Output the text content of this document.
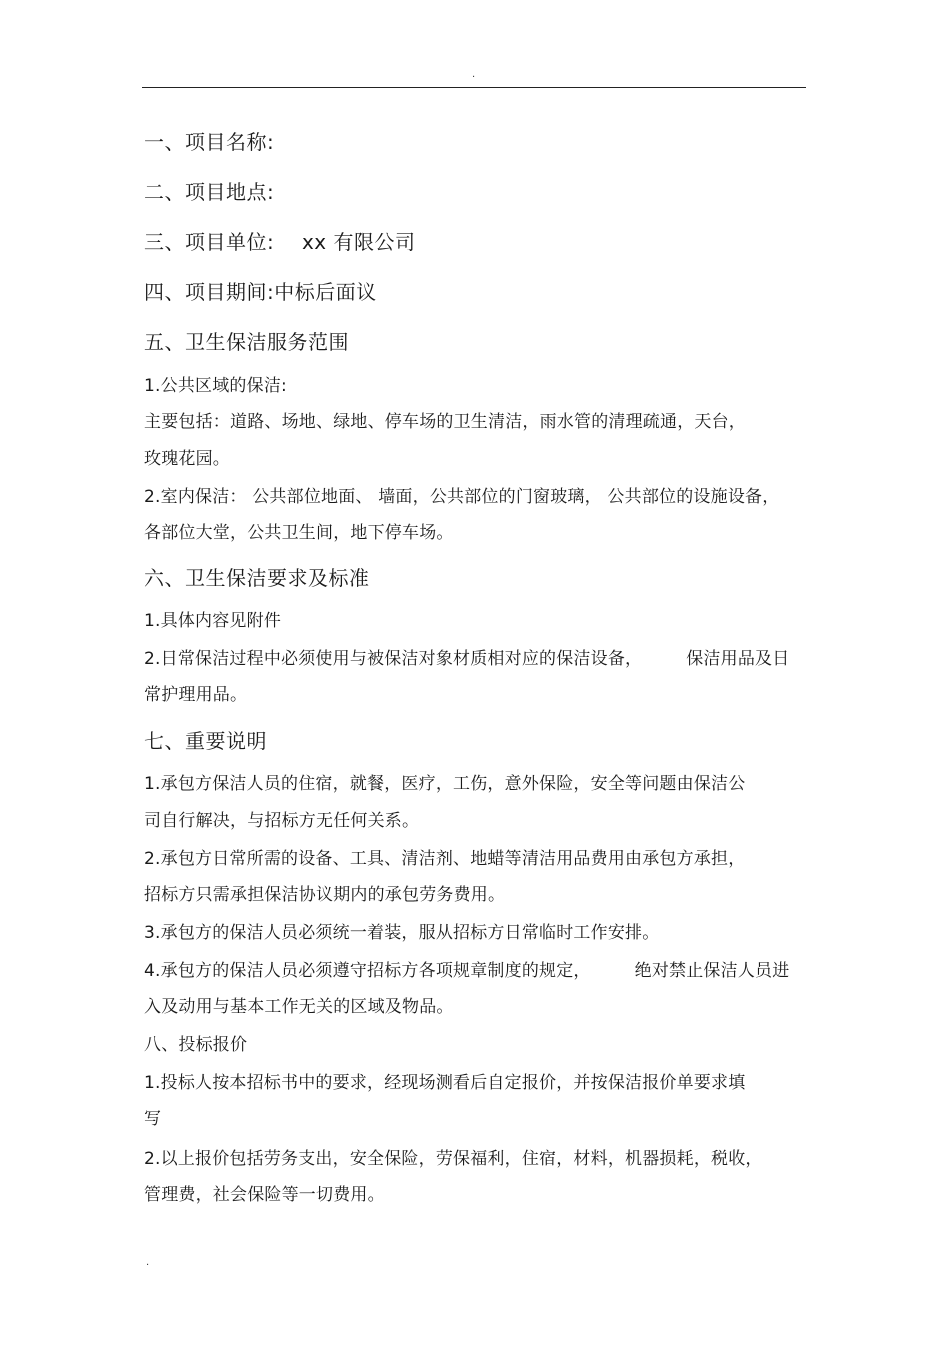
.
一、项目名称:
二、项目地点:
三、项目单位: xx 有限公司
四、项目期间:中标后面议
五、卫生保洁服务范围
1.公共区域的保洁:
主要包括：道路、场地、绿地、停车场的卫生清洁，雨水管的清理疏通，天台，
玫瑰花园。
2.室内保洁： 公共部位地面、 墙面，公共部位的门窗玻璃， 公共部位的设施设备，
各部位大堂，公共卫生间，地下停车场。
六、卫生保洁要求及标准
1.具体内容见附件
2.日常保洁过程中必须使用与被保洁对象材质相对应的保洁设备，	保洁用品及日
常护理用品。
七、重要说明
1.承包方保洁人员的住宿，就餐，医疗，工伤，意外保险，安全等问题由保洁公
司自行解决，与招标方无任何关系。
2.承包方日常所需的设备、工具、清洁剂、地蜡等清洁用品费用由承包方承担，
招标方只需承担保洁协议期内的承包劳务费用。
3.承包方的保洁人员必须统一着装，服从招标方日常临时工作安排。
4.承包方的保洁人员必须遵守招标方各项规章制度的规定，	绝对禁止保洁人员进
入及动用与基本工作无关的区域及物品。
八、投标报价
1.投标人按本招标书中的要求，经现场测看后自定报价，并按保洁报价单要求填
写
2.以上报价包括劳务支出，安全保险，劳保福利，住宿，材料，机器损耗，税收，
管理费，社会保险等一切费用。
.
